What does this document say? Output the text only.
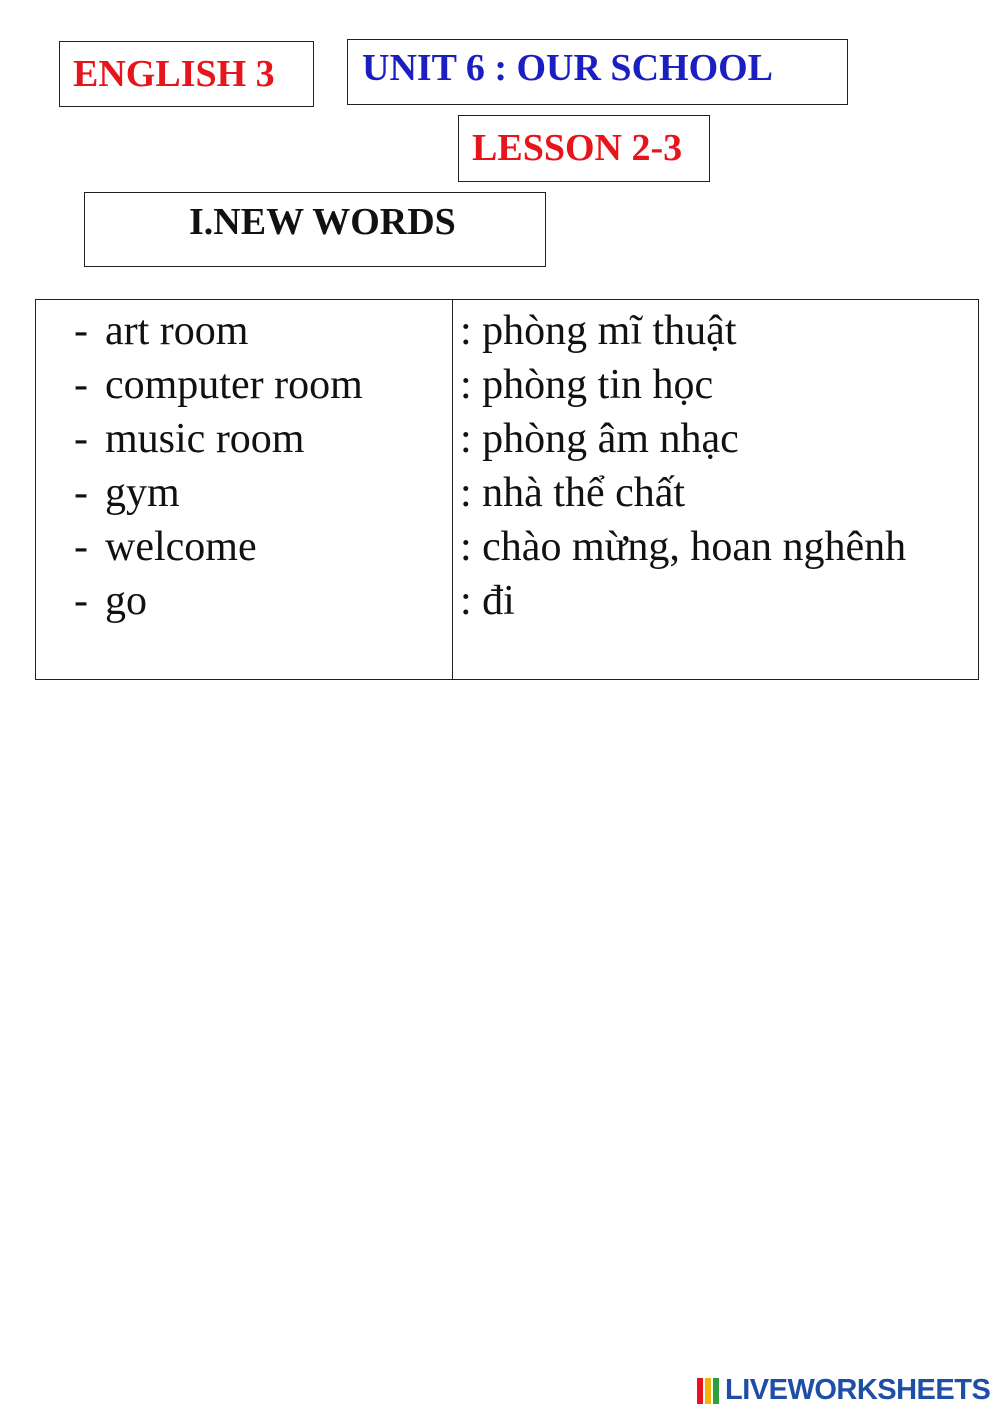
ENGLISH 3 UNIT 6 : OUR SCHOOL
LESSON 2-3
I.NEW WORDS
- art room
- computer room
- music room
- gym
- welcome
- go
: phòng mĩ thuật
: phòng tin học
: phòng âm nhạc
: nhà thể chất
: chào mừng, hoan nghênh
: đi
LIVEWORKSHEETS
